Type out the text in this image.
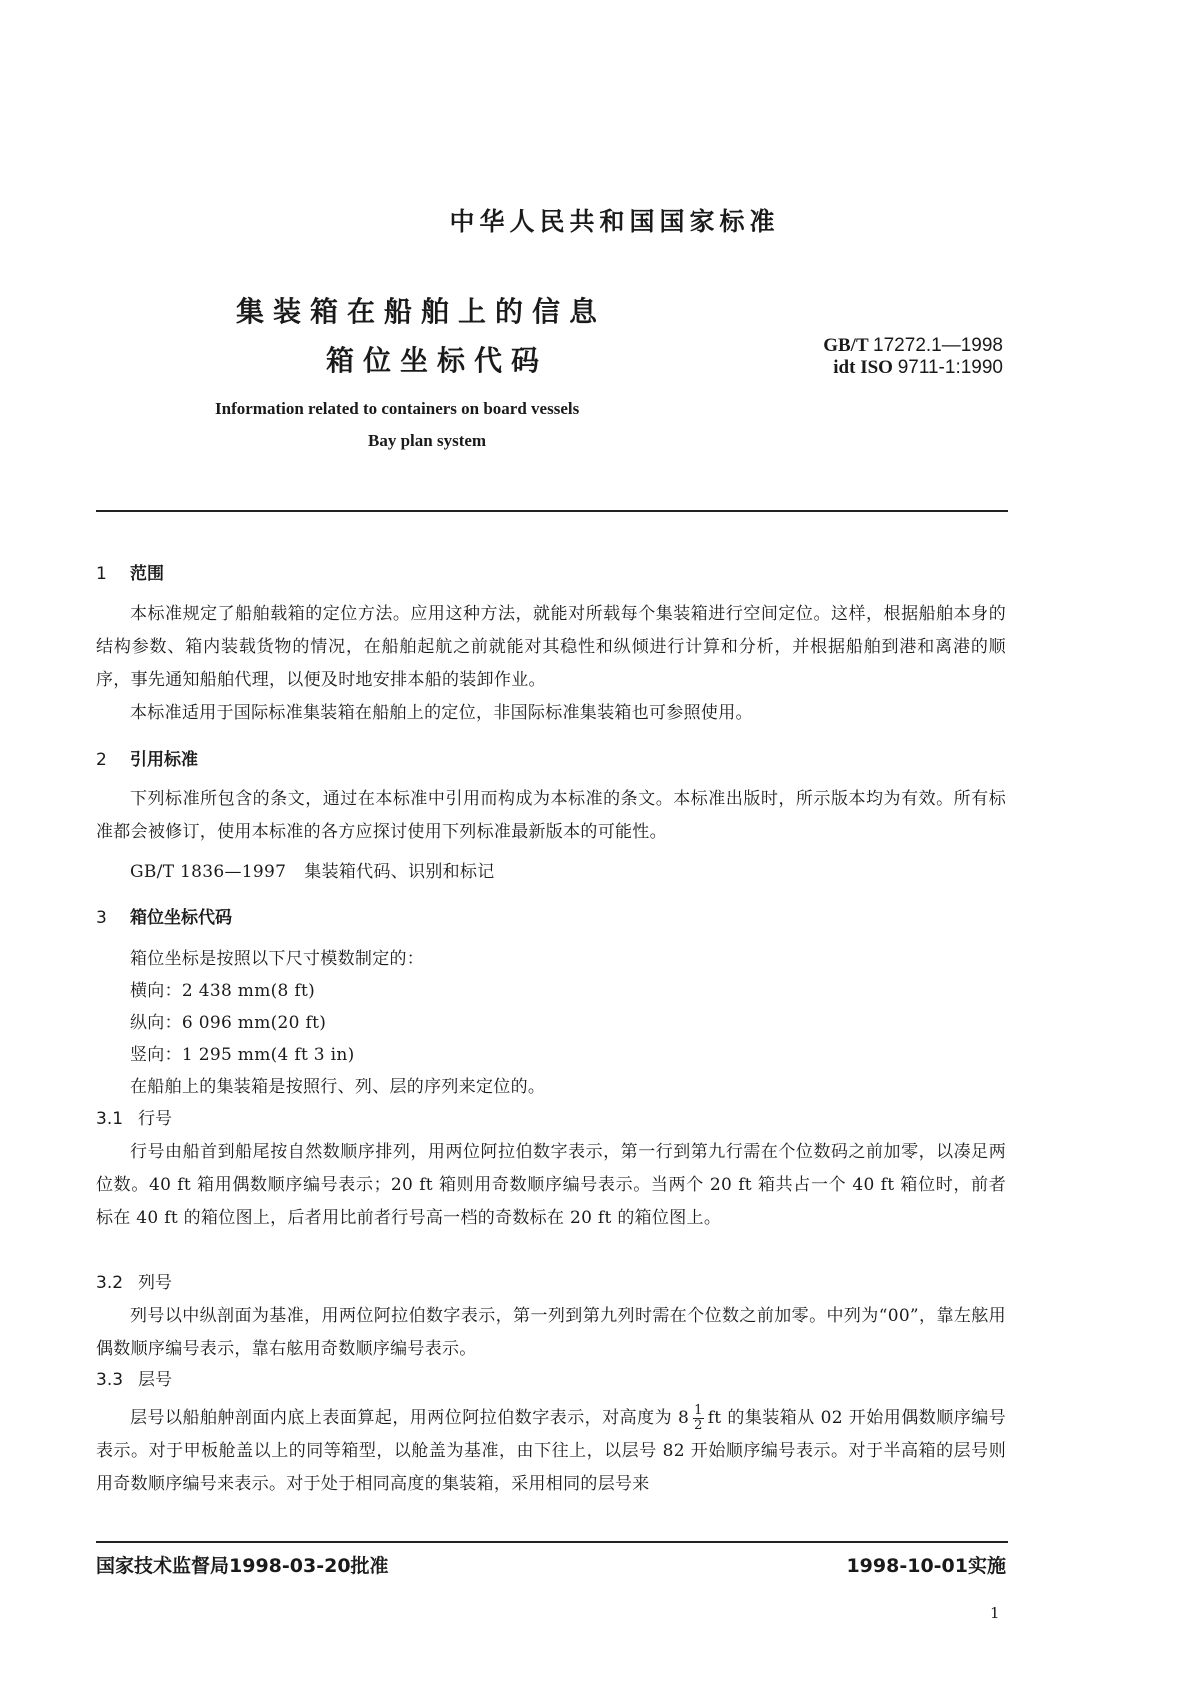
中华人民共和国国家标准
集装箱在船舶上的信息
箱位坐标代码	GB/T 17272.1—1998
idt ISO 9711-1:1990
Information related to containers on board vessels
Bay plan system
1 范围
本标准规定了船舶载箱的定位方法。应用这种方法，就能对所载每个集装箱进行空间定位。这样，根据船舶本身的结构参数、箱内装载货物的情况，在船舶起航之前就能对其稳性和纵倾进行计算和分析，并根据船舶到港和离港的顺序，事先通知船舶代理，以便及时地安排本船的装卸作业。
本标准适用于国际标准集装箱在船舶上的定位，非国际标准集装箱也可参照使用。
2 引用标准
下列标准所包含的条文，通过在本标准中引用而构成为本标准的条文。本标准出版时，所示版本均为有效。所有标准都会被修订，使用本标准的各方应探讨使用下列标准最新版本的可能性。
GB/T 1836—1997 集装箱代码、识别和标记
3 箱位坐标代码
箱位坐标是按照以下尺寸模数制定的：
横向：2 438 mm(8 ft)
纵向：6 096 mm(20 ft)
竖向：1 295 mm(4 ft 3 in)
在船舶上的集装箱是按照行、列、层的序列来定位的。
3.1 行号
行号由船首到船尾按自然数顺序排列，用两位阿拉伯数字表示，第一行到第九行需在个位数码之前加零，以凑足两位数。40 ft 箱用偶数顺序编号表示；20 ft 箱则用奇数顺序编号表示。当两个 20 ft 箱共占一个 40 ft 箱位时，前者标在 40 ft 的箱位图上，后者用比前者行号高一档的奇数标在 20 ft 的箱位图上。
3.2 列号
列号以中纵剖面为基准，用两位阿拉伯数字表示，第一列到第九列时需在个位数之前加零。中列为“00”，靠左舷用偶数顺序编号表示，靠右舷用奇数顺序编号表示。
3.3 层号
层号以船舶舯剖面内底上表面算起，用两位阿拉伯数字表示，对高度为 $8 \frac{1}{2}$ ft 的集装箱从 02 开始用偶数顺序编号表示。对于甲板舱盖以上的同等箱型，以舱盖为基准，由下往上，以层号 82 开始顺序编号表示。对于半高箱的层号则用奇数顺序编号来表示。对于处于相同高度的集装箱，采用相同的层号来
国家技术监督局1998-03-20批准	1998-10-01实施
1
